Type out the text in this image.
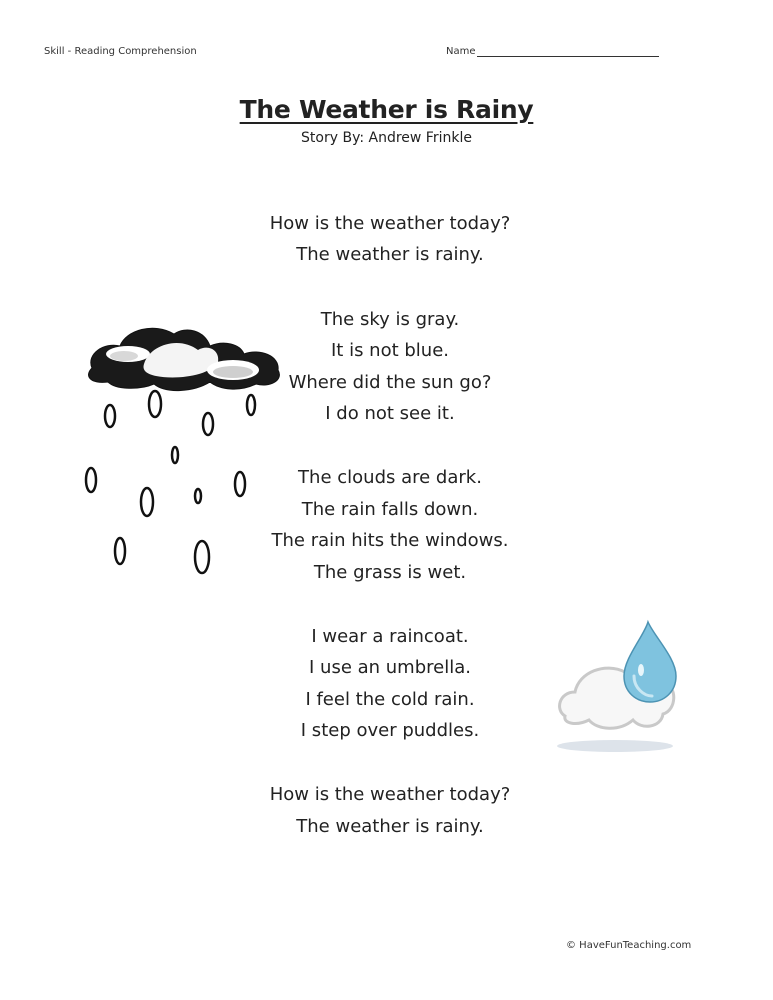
Skill - Reading Comprehension	Name
The Weather is Rainy
Story By: Andrew Frinkle
How is the weather today?
The weather is rainy.
The sky is gray.
It is not blue.
Where did the sun go?
I do not see it.
The clouds are dark.
The rain falls down.
The rain hits the windows.
The grass is wet.
I wear a raincoat.
I use an umbrella.
I feel the cold rain.
I step over puddles.
How is the weather today?
The weather is rainy.
© HaveFunTeaching.com
